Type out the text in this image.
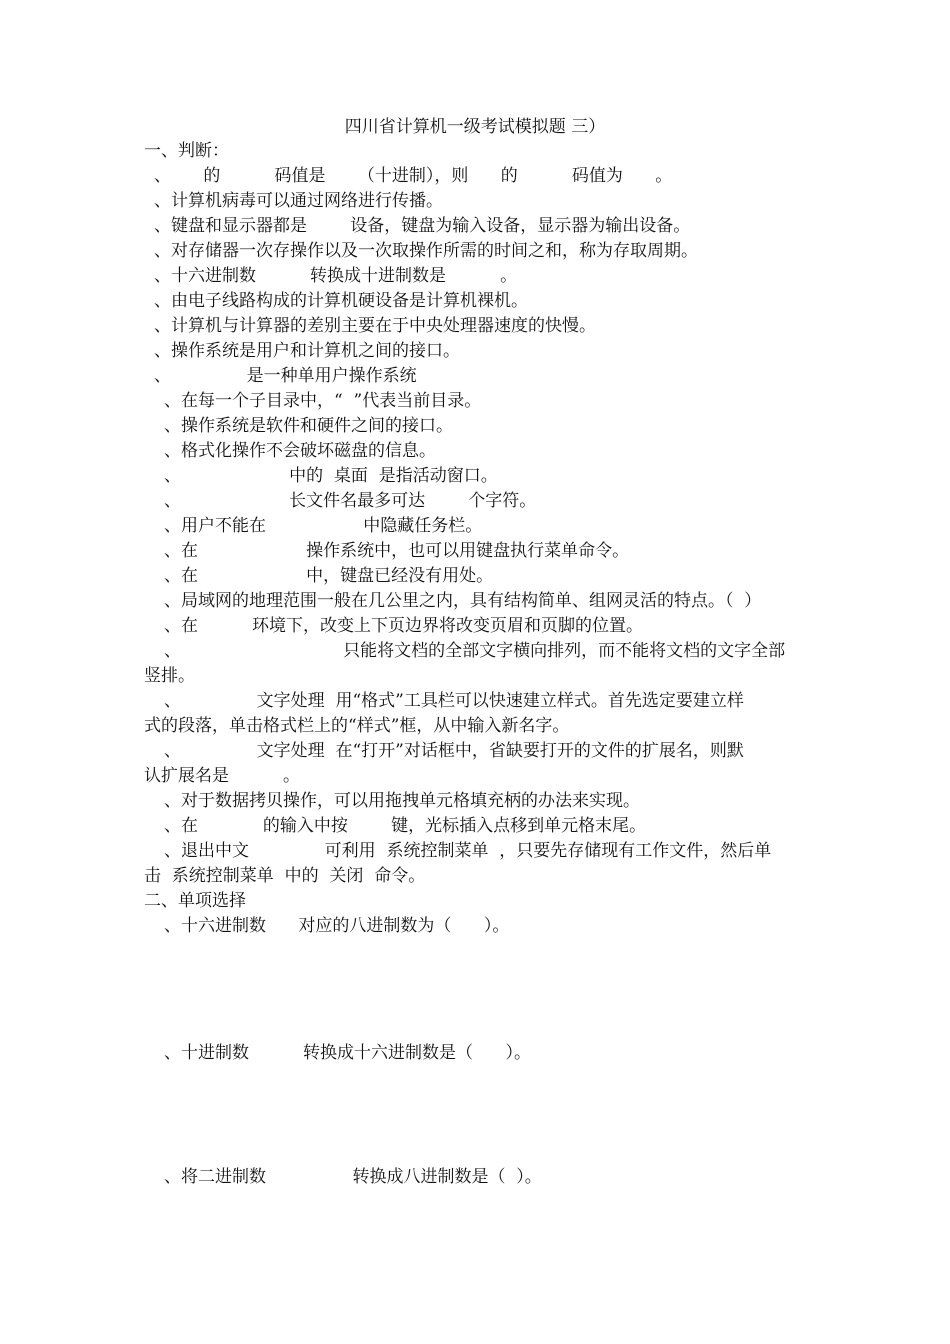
四川省计算机一级考试模拟题 三）
一、判断：
、      的          码值是      （十进制），则      的          码值为      。
、计算机病毒可以通过网络进行传播。
、键盘和显示器都是        设备，键盘为输入设备，显示器为输出设备。
、对存储器一次存操作以及一次取操作所需的时间之和，称为存取周期。
、十六进制数          转换成十进制数是          。
、由电子线路构成的计算机硬设备是计算机裸机。
、计算机与计算器的差别主要在于中央处理器速度的快慢。
、操作系统是用户和计算机之间的接口。
、              是一种单用户操作系统
、在每一个子目录中，“  ”代表当前目录。
、操作系统是软件和硬件之间的接口。
、格式化操作不会破坏磁盘的信息。
、                    中的  桌面  是指活动窗口。
、                    长文件名最多可达        个字符。
、用户不能在                  中隐藏任务栏。
、在                    操作系统中，也可以用键盘执行菜单命令。
、在                    中，键盘已经没有用处。
、局域网的地理范围一般在几公里之内，具有结构简单、组网灵活的特点。（  ）
、在          环境下，改变上下页边界将改变页眉和页脚的位置。
、                              只能将文档的全部文字横向排列，而不能将文档的文字全部
竖排。
、              文字处理  用“格式”工具栏可以快速建立样式。首先选定要建立样
式的段落，单击格式栏上的“样式”框，从中输入新名字。
、              文字处理  在“打开”对话框中，省缺要打开的文件的扩展名，则默
认扩展名是          。
、对于数据拷贝操作，可以用拖拽单元格填充柄的办法来实现。
、在            的输入中按        键，光标插入点移到单元格末尾。
、退出中文              可利用  系统控制菜单  ，只要先存储现有工作文件，然后单
击  系统控制菜单  中的  关闭  命令。
二、单项选择
、十六进制数      对应的八进制数为（      ）。
、十进制数          转换成十六进制数是（      ）。
、将二进制数                转换成八进制数是（  ）。
